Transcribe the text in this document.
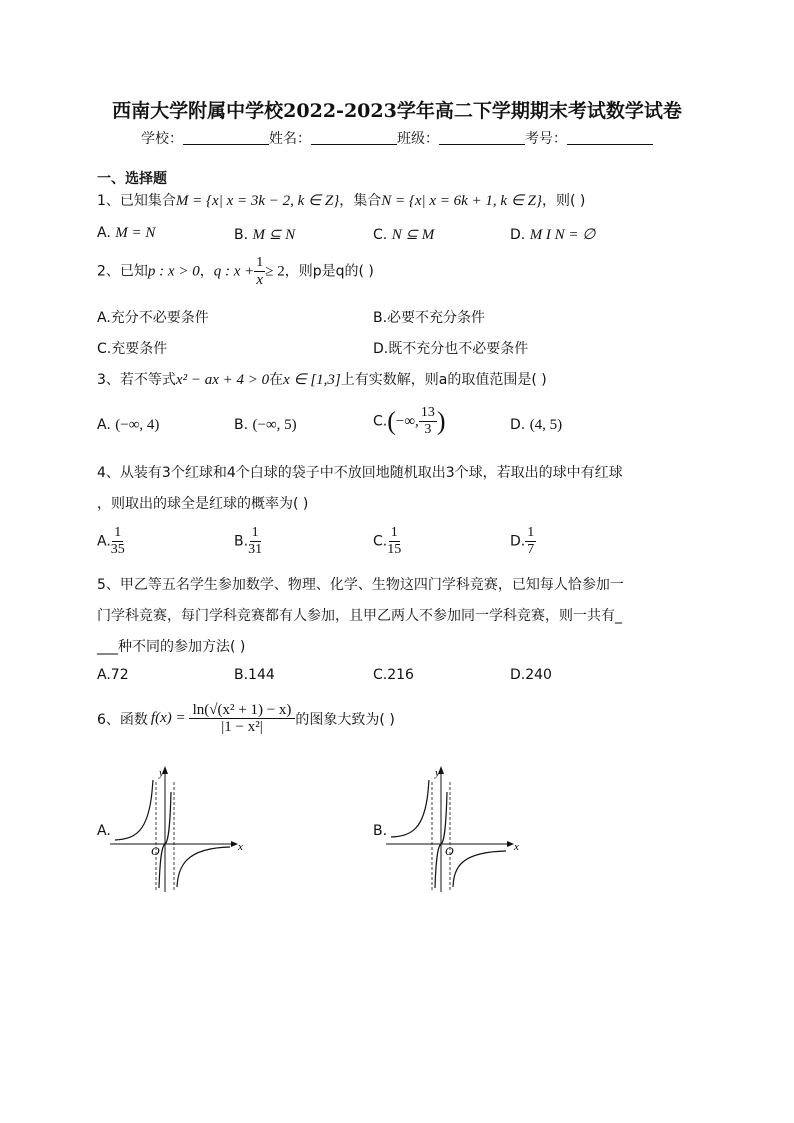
西南大学附属中学校2022-2023学年高二下学期期末考试数学试卷
学校：	姓名：	班级：	考号：
一、选择题
1、已知集合M = {x| x = 3k − 2, k ∈ Z}，集合N = {x| x = 6k + 1, k ∈ Z}，则( )
A. M = N	B. M ⊆ N	C. N ⊆ M	D. M I N = ∅
2、已知p : x > 0，q : $x + \frac{1}{x} \ge 2$，则p是q的( )
A.充分不必要条件	B.必要不充分条件
C.充要条件	D.既不充分也不必要条件
3、若不等式x² − ax + 4 > 0在x ∈ [1,3]上有实数解，则a的取值范围是( )
A. (−∞, 4)	B. (−∞, 5)	C.(−∞, $\frac{13}{3}$ )	D. (4, 5)
4、从装有3个红球和4个白球的袋子中不放回地随机取出3个球，若取出的球中有红球
，则取出的球全是红球的概率为( )
A. $\frac{1}{35}$	B. $\frac{1}{31}$	C. $\frac{1}{15}$	D. $\frac{1}{7}$
5、甲乙等五名学生参加数学、物理、化学、生物这四门学科竞赛，已知每人恰参加一
门学科竞赛，每门学科竞赛都有人参加，且甲乙两人不参加同一学科竞赛，则一共有_
___种不同的参加方法( )
A.72	B.144	C.216	D.240
6、函数 $f(x) = \frac{\text{ln(√(x² + 1) − x)}}{\text{|1 − x²|}}$ 的图象大致为( )
A.
x
y
O
B.
x
y
O
